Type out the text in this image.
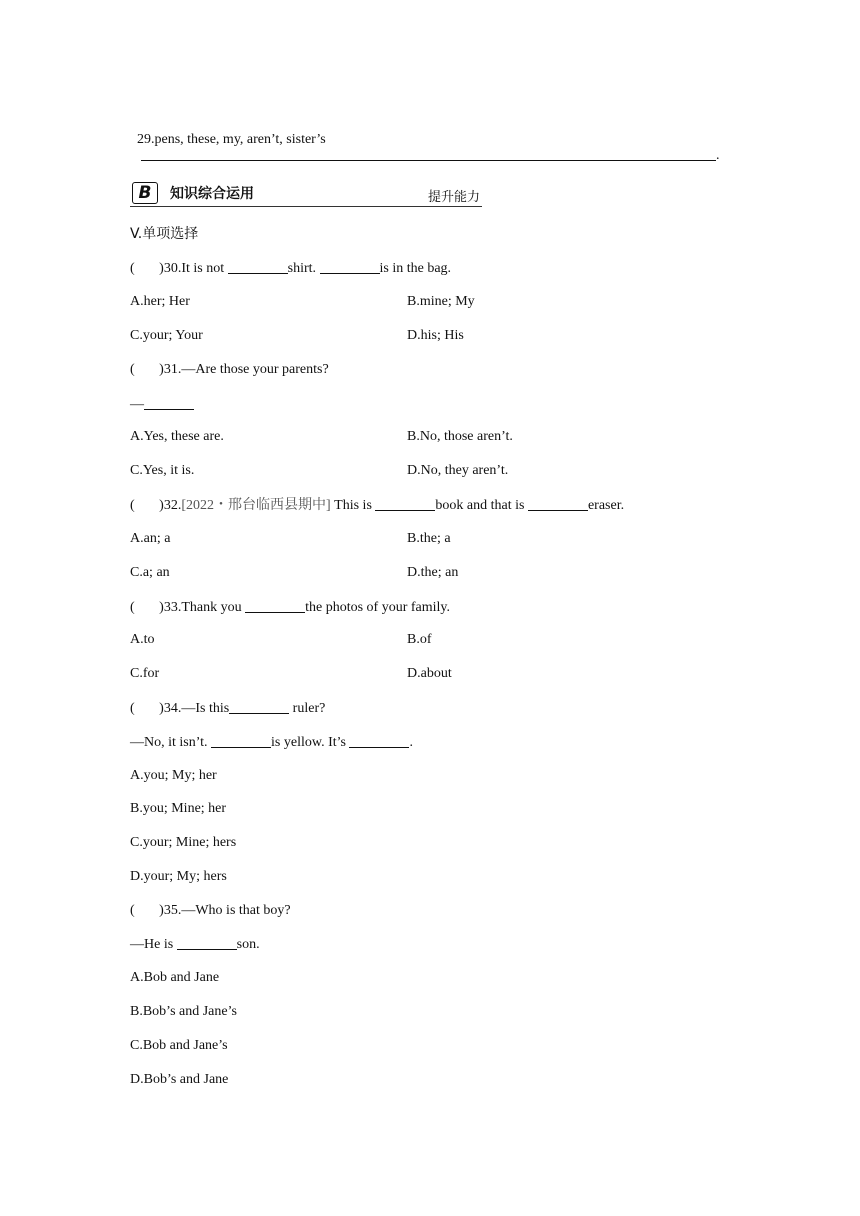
29.pens, these, my, aren’t, sister’s

.
B	知识综合运用	提升能力
V.单项选择
( )30.It is not	shirt.	is in the bag.
A.her; Her	B.mine; My
C.your; Your	D.his; His
( )31.—Are those your parents?
—
A.Yes, these are.	B.No, those aren’t.
C.Yes, it is.	D.No, they aren’t.
( )32.[2022・邢台临西县期中] This is	book and that is	eraser.
A.an; a	B.the; a
C.a; an	D.the; an
( )33.Thank you	the photos of your family.
A.to	B.of
C.for	D.about
( )34.—Is this	ruler?
—No, it isn’t.	is yellow. It’s	.
A.you; My; her
B.you; Mine; her
C.your; Mine; hers
D.your; My; hers
( )35.—Who is that boy?
—He is	son.
A.Bob and Jane
B.Bob’s and Jane’s
C.Bob and Jane’s
D.Bob’s and Jane
